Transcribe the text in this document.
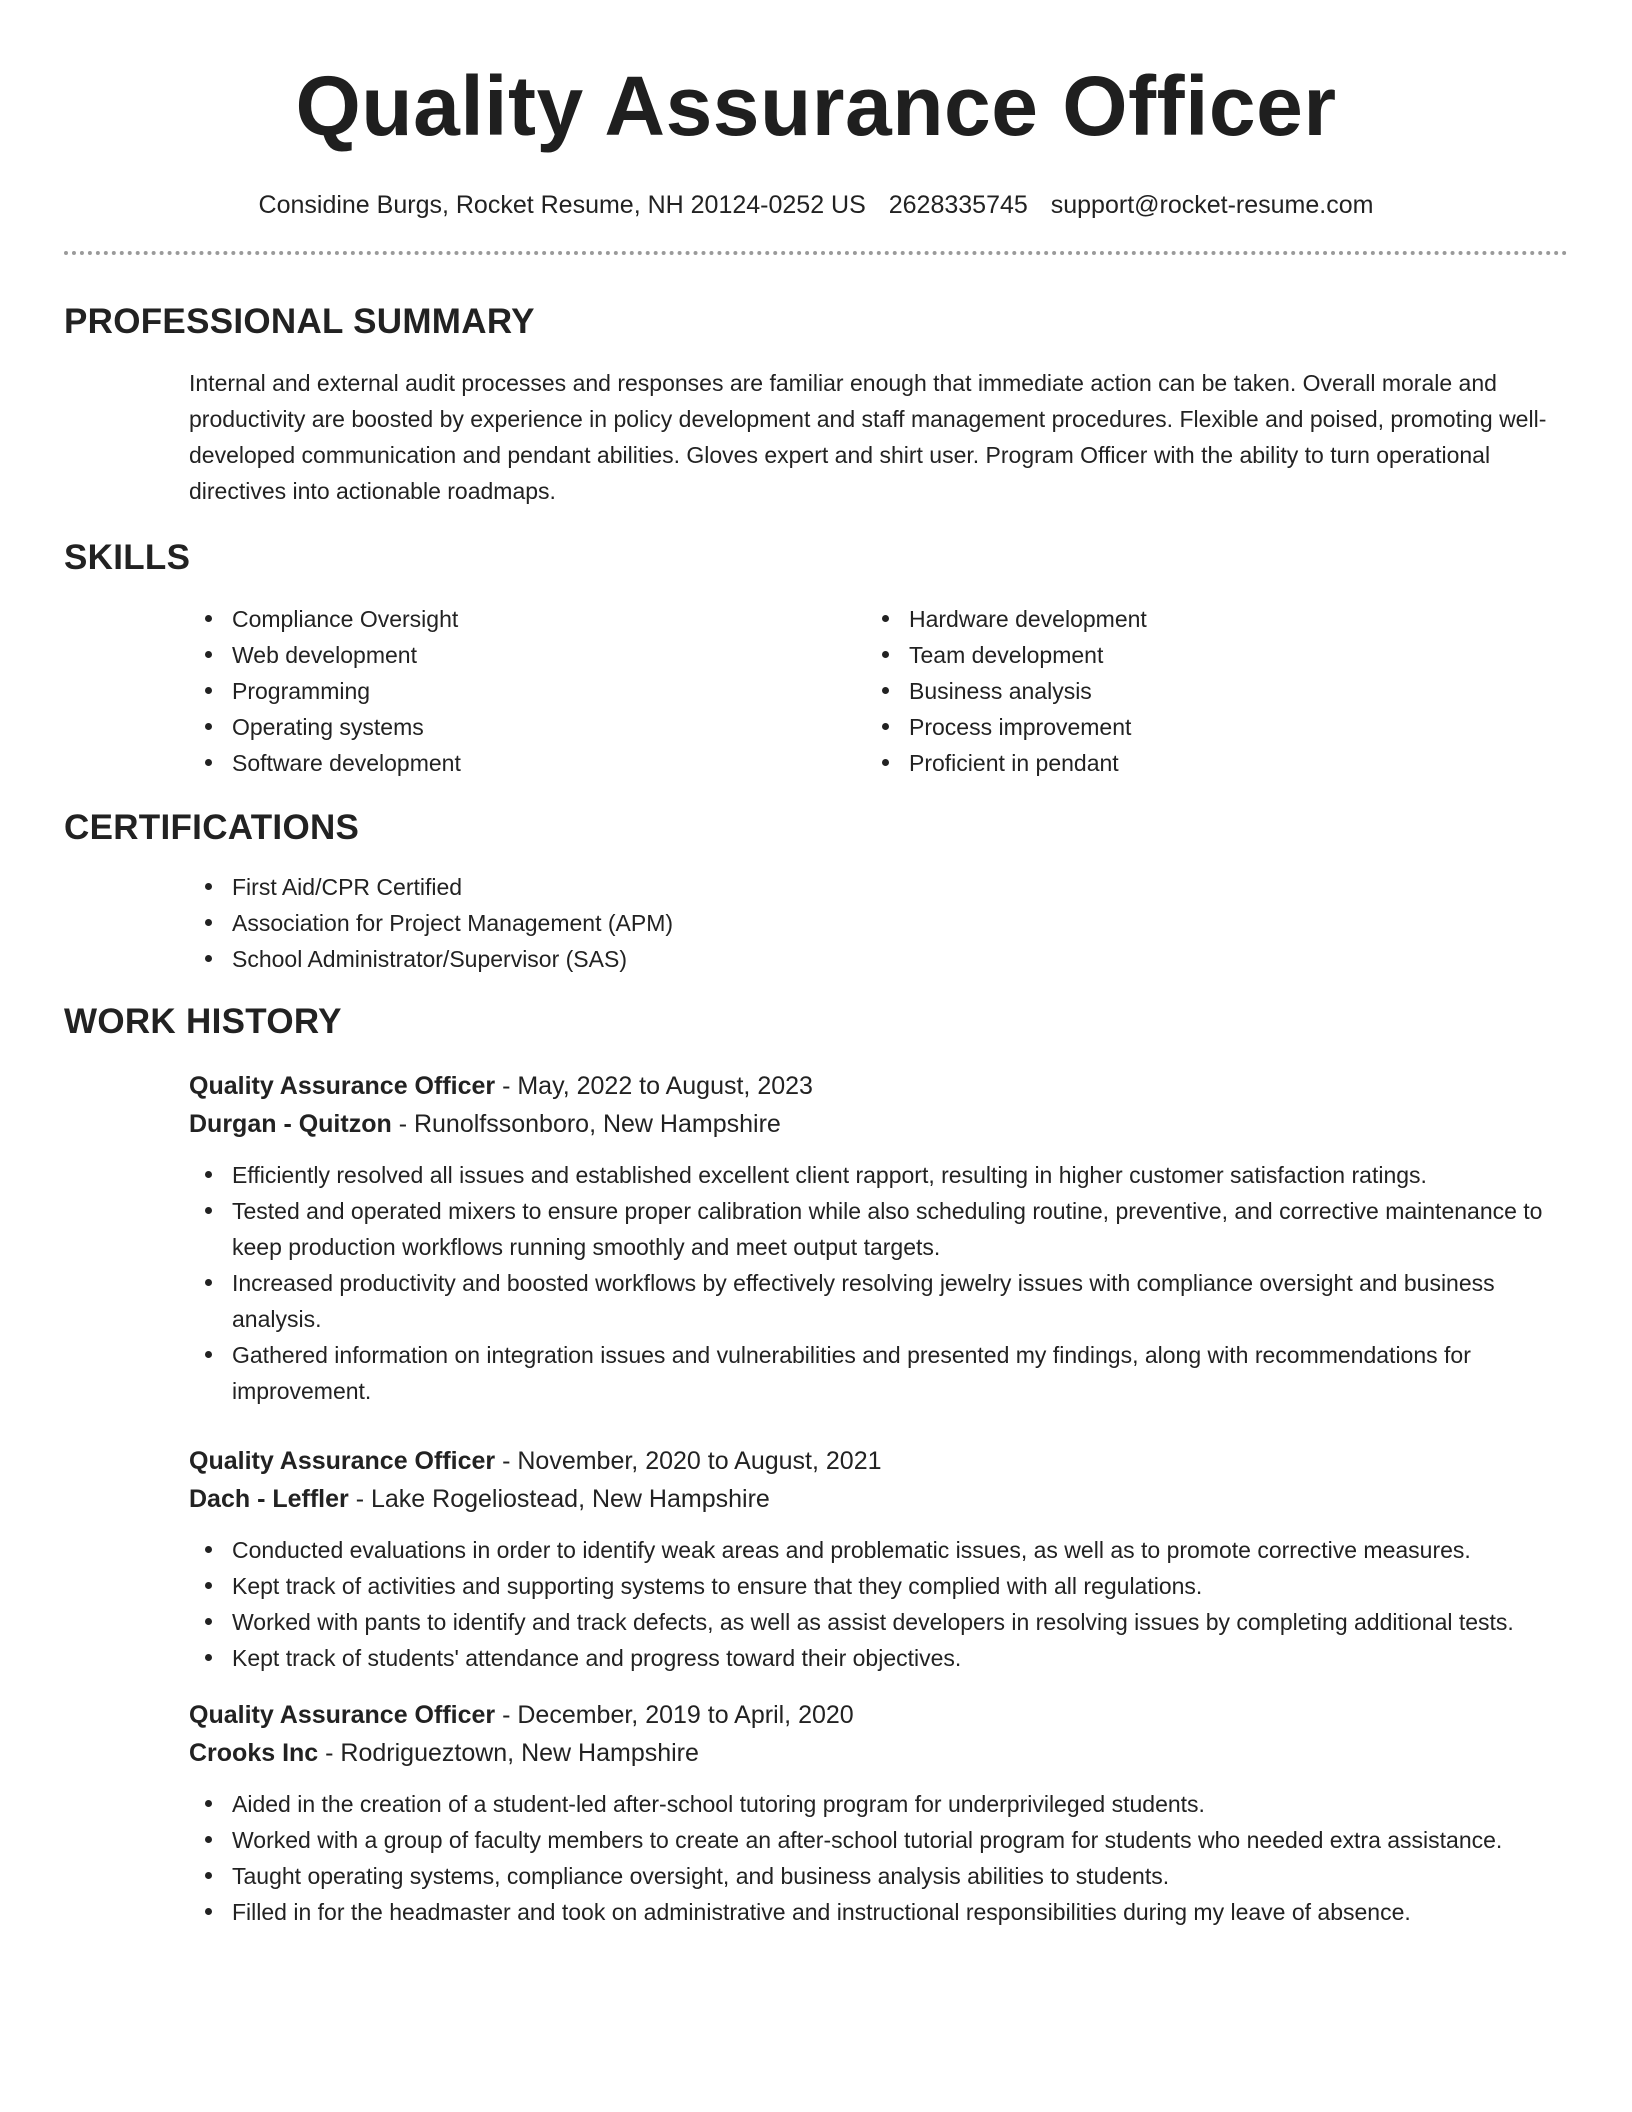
Quality Assurance Officer
Considine Burgs, Rocket Resume, NH 20124-0252 US 2628335745 support@rocket-resume.com
PROFESSIONAL SUMMARY
Internal and external audit processes and responses are familiar enough that immediate action can be taken. Overall morale and productivity are boosted by experience in policy development and staff management procedures. Flexible and poised, promoting well-developed communication and pendant abilities. Gloves expert and shirt user. Program Officer with the ability to turn operational directives into actionable roadmaps.
SKILLS
Compliance Oversight
Web development
Programming
Operating systems
Software development
Hardware development
Team development
Business analysis
Process improvement
Proficient in pendant
CERTIFICATIONS
First Aid/CPR Certified
Association for Project Management (APM)
School Administrator/Supervisor (SAS)
WORK HISTORY
Quality Assurance Officer - May, 2022 to August, 2023
Durgan - Quitzon - Runolfssonboro, New Hampshire
Efficiently resolved all issues and established excellent client rapport, resulting in higher customer satisfaction ratings.
Tested and operated mixers to ensure proper calibration while also scheduling routine, preventive, and corrective maintenance to keep production workflows running smoothly and meet output targets.
Increased productivity and boosted workflows by effectively resolving jewelry issues with compliance oversight and business analysis.
Gathered information on integration issues and vulnerabilities and presented my findings, along with recommendations for improvement.
Quality Assurance Officer - November, 2020 to August, 2021
Dach - Leffler - Lake Rogeliostead, New Hampshire
Conducted evaluations in order to identify weak areas and problematic issues, as well as to promote corrective measures.
Kept track of activities and supporting systems to ensure that they complied with all regulations.
Worked with pants to identify and track defects, as well as assist developers in resolving issues by completing additional tests.
Kept track of students' attendance and progress toward their objectives.
Quality Assurance Officer - December, 2019 to April, 2020
Crooks Inc - Rodrigueztown, New Hampshire
Aided in the creation of a student-led after-school tutoring program for underprivileged students.
Worked with a group of faculty members to create an after-school tutorial program for students who needed extra assistance.
Taught operating systems, compliance oversight, and business analysis abilities to students.
Filled in for the headmaster and took on administrative and instructional responsibilities during my leave of absence.
